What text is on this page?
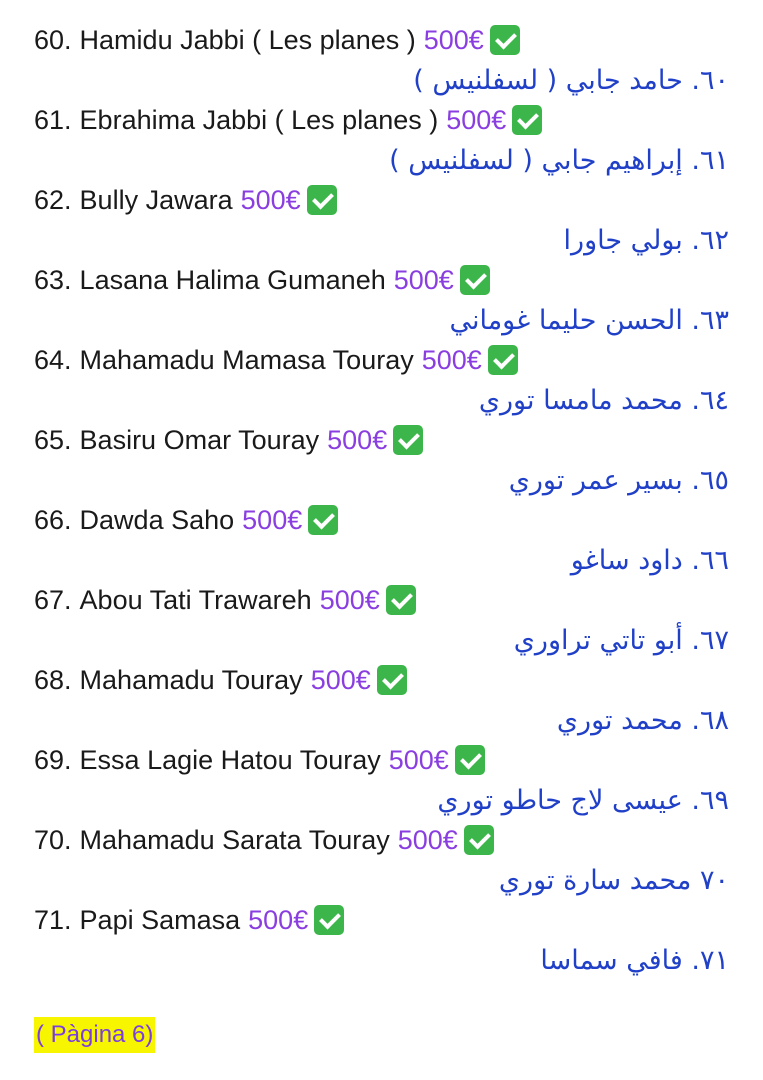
60. Hamidu Jabbi ( Les planes ) 500€
٦٠. حامد جابي ( لسفلنيس )
61. Ebrahima Jabbi ( Les planes ) 500€
٦١. إبراهيم جابي ( لسفلنيس )
62. Bully Jawara 500€
٦٢. بولي جاورا
63. Lasana Halima Gumaneh 500€
٦٣. الحسن حليما غوماني
64. Mahamadu Mamasa Touray 500€
٦٤. محمد مامسا توري
65. Basiru Omar Touray 500€
٦٥. بسير عمر توري
66. Dawda Saho 500€
٦٦. داود ساغو
67. Abou Tati Trawareh 500€
٦٧. أبو تاتي تراوري
68. Mahamadu Touray 500€
٦٨. محمد توري
69. Essa Lagie Hatou Touray 500€
٦٩. عيسى لاج حاطو توري
70. Mahamadu Sarata Touray 500€
٧٠ محمد سارة توري
71. Papi Samasa 500€
٧١. فافي سماسا
( Pàgina 6)
